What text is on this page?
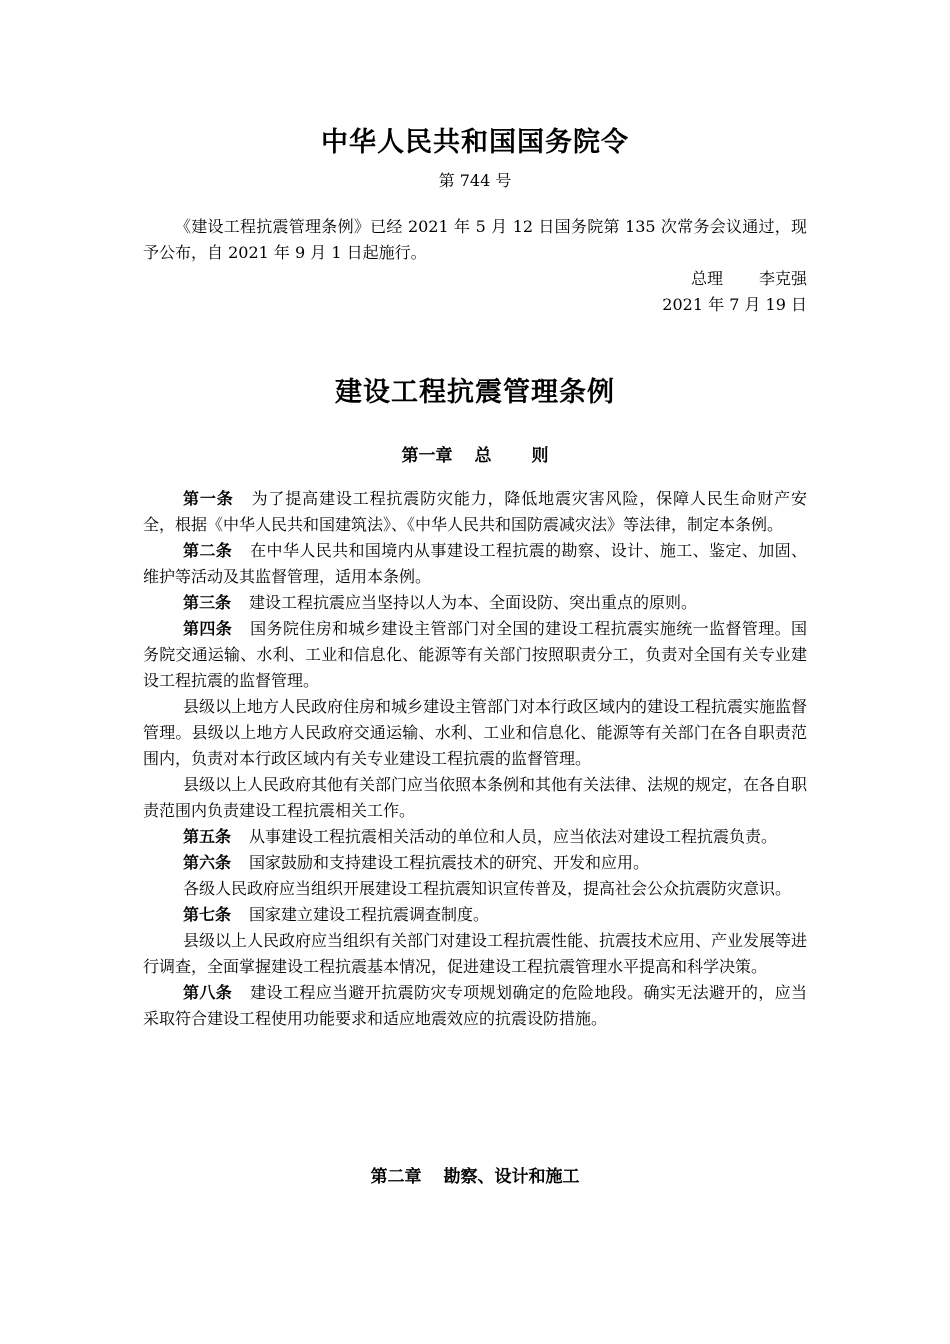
中华人民共和国国务院令
第 744 号

《建设工程抗震管理条例》已经 2021 年 5 月 12 日国务院第 135 次常务会议通过，现予公布，自 2021 年 9 月 1 日起施行。

总理 李克强
2021 年 7 月 19 日
建设工程抗震管理条例
第一章 总 则

第一条 为了提高建设工程抗震防灾能力，降低地震灾害风险，保障人民生命财产安全，根据《中华人民共和国建筑法》、《中华人民共和国防震减灾法》等法律，制定本条例。

第二条 在中华人民共和国境内从事建设工程抗震的勘察、设计、施工、鉴定、加固、维护等活动及其监督管理，适用本条例。

第三条 建设工程抗震应当坚持以人为本、全面设防、突出重点的原则。

第四条 国务院住房和城乡建设主管部门对全国的建设工程抗震实施统一监督管理。国务院交通运输、水利、工业和信息化、能源等有关部门按照职责分工，负责对全国有关专业建设工程抗震的监督管理。

县级以上地方人民政府住房和城乡建设主管部门对本行政区域内的建设工程抗震实施监督管理。县级以上地方人民政府交通运输、水利、工业和信息化、能源等有关部门在各自职责范围内，负责对本行政区域内有关专业建设工程抗震的监督管理。

县级以上人民政府其他有关部门应当依照本条例和其他有关法律、法规的规定，在各自职责范围内负责建设工程抗震相关工作。

第五条 从事建设工程抗震相关活动的单位和人员，应当依法对建设工程抗震负责。

第六条 国家鼓励和支持建设工程抗震技术的研究、开发和应用。

各级人民政府应当组织开展建设工程抗震知识宣传普及，提高社会公众抗震防灾意识。

第七条 国家建立建设工程抗震调查制度。

县级以上人民政府应当组织有关部门对建设工程抗震性能、抗震技术应用、产业发展等进行调查，全面掌握建设工程抗震基本情况，促进建设工程抗震管理水平提高和科学决策。

第八条 建设工程应当避开抗震防灾专项规划确定的危险地段。确实无法避开的，应当采取符合建设工程使用功能要求和适应地震效应的抗震设防措施。

第二章 勘察、设计和施工
